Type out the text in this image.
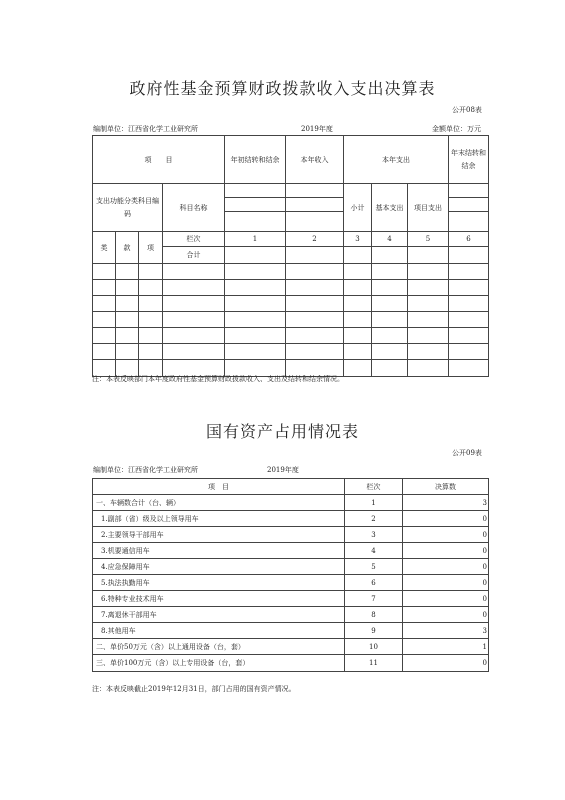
政府性基金预算财政拨款收入支出决算表
公开08表
编制单位：江西省化学工业研究所	2019年度	金额单位：万元
项　　目				年初结转和结余	本年收入	本年支出			年末结转和结余

支出功能分类科目编码			科目名称			小计	基本支出	项目支出	

类	款	项	栏次	1	2	3	4	5	6
			合计						

注：本表反映部门本年度政府性基金预算财政拨款收入、支出及结转和结余情况。
国有资产占用情况表
公开09表
编制单位：江西省化学工业研究所	2019年度
项　目	栏次	决算数
一、车辆数合计（台、辆）	1	3
1.副部（省）级及以上领导用车	2	0
2.主要领导干部用车	3	0
3.机要通信用车	4	0
4.应急保障用车	5	0
5.执法执勤用车	6	0
6.特种专业技术用车	7	0
7.离退休干部用车	8	0
8.其他用车	9	3
二、单价50万元（含）以上通用设备（台，套）	10	1
三、单价100万元（含）以上专用设备（台，套）	11	0
注：本表反映截止2019年12月31日，部门占用的国有资产情况。
